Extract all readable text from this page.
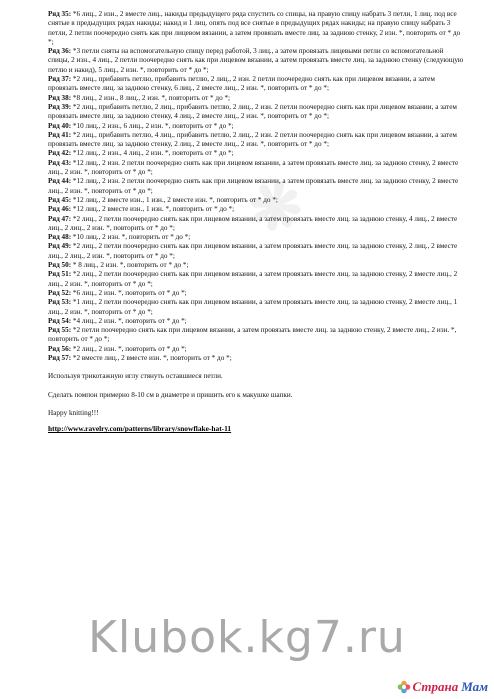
Ряд 35: *6 лиц., 2 изн., 2 вместе лиц., накиды предыдущего ряда спустить со спицы, на правую спицу набрать 3 петли, 1 лиц. под все снятые в предыдущих рядах накиды; накид и 1 лиц. опять под все снятые в предыдущих рядах накиды; на правую спицу набрать 3 петли, 2 петли поочередно снять как при лицевом вязании, а затем провязать вместе лиц. за заднюю стенку, 2 изн. *, повторить от * до *;

Ряд 36: *3 петли сняты на вспомогательную спицу перед работой, 3 лиц., а затем провязать лицевыми петли со вспомогательной спицы, 2 изн., 4 лиц., 2 петли поочередно снять как при лицевом вязании, а затем провязать вместе лиц. за заднюю стенку (следующую петлю и накид), 5 лиц., 2 изн. *, повторить от * до *;

Ряд 37: *2 лиц., прибавить петлю, прибавить петлю, 2 лиц., 2 изн. 2 петли поочередно снять как при лицевом вязании, а затем провязать вместе лиц. за заднюю стенку, 6 лиц., 2 вместе лиц., 2 изн. *, повторить от * до *;

Ряд 38: *8 лиц., 2 изн., 8 лиц., 2 изн. *, повторить от * до *;

Ряд 39: *2 лиц., прибавить петлю, 2 лиц., прибавить петлю, 2 лиц., 2 изн. 2 петли поочередно снять как при лицевом вязании, а затем провязать вместе лиц. за заднюю стенку, 4 лиц., 2 вместе лиц., 2 изн. *, повторить от * до *;

Ряд 40: *10 лиц., 2 изн., 6 лиц., 2 изн. *, повторить от * до *;

Ряд 41: *2 лиц., прибавить петлю, 4 лиц., прибавить петлю, 2 лиц., 2 изн. 2 петли поочередно снять как при лицевом вязании, а затем провязать вместе лиц. за заднюю стенку, 2 лиц., 2 вместе лиц., 2 изн. *, повторить от * до *;

Ряд 42: *12 лиц., 2 изн., 4 лиц., 2 изн. *, повторить от * до *;

Ряд 43: *12 лиц., 2 изн. 2 петли поочередно снять как при лицевом вязании, а затем провязать вместе лиц. за заднюю стенку, 2 вместе лиц., 2 изн. *, повторить от * до *;

Ряд 44: *12 лиц., 2 изн. 2 петли поочередно снять как при лицевом вязании, а затем провязать вместе лиц. за заднюю стенку, 2 вместе лиц., 2 изн. *, повторить от * до *;

Ряд 45: *12 лиц., 2 вместе изн., 1 изн., 2 вместе изн. *, повторить от * до *;

Ряд 46: *12 лиц., 2 вместе изн., 1 изн. *, повторить от * до *;

Ряд 47: *2 лиц., 2 петли поочередно снять как при лицевом вязании, а затем провязать вместе лиц. за заднюю стенку, 4 лиц., 2 вместе лиц., 2 лиц., 2 изн. *, повторить от * до *;

Ряд 48: *10 лиц., 2 изн. *, повторить от * до *;

Ряд 49: *2 лиц., 2 петли поочередно снять как при лицевом вязании, а затем провязать вместе лиц. за заднюю стенку, 2 лиц., 2 вместе лиц., 2 лиц., 2 изн. *, повторить от * до *;

Ряд 50: * 8 лиц., 2 изн. *, повторить от * до *;

Ряд 51: *2 лиц., 2 петли поочередно снять как при лицевом вязании, а затем провязать вместе лиц. за заднюю стенку, 2 вместе лиц., 2 лиц., 2 изн. *, повторить от * до *;

Ряд 52: *6 лиц., 2 изн. *, повторить от * до *;

Ряд 53: *1 лиц., 2 петли поочередно снять как при лицевом вязании, а затем провязать вместе лиц. за заднюю стенку, 2 вместе лиц., 1 лиц., 2 изн. *, повторить от * до *;

Ряд 54: *4 лиц., 2 изн. *, повторить от * до *;

Ряд 55: *2 петли поочередно снять как при лицевом вязании, а затем провязать вместе лиц. за заднюю стенку, 2 вместе лиц., 2 изн. *, повторить от * до *;

Ряд 56: *2 лиц., 2 изн. *, повторить от * до *;

Ряд 57: *2 вместе лиц., 2 вместе изн. *, повторить от * до *;

Используя трикотажную иглу стянуть оставшиеся петли.

Сделать помпон примерно 8-10 см в диаметре и пришить его к макушке шапки.

Happy knitting!!!

http://www.ravelry.com/patterns/library/snowflake-hat-11
❋
Klubok.kg7.ru
Страна Мам
